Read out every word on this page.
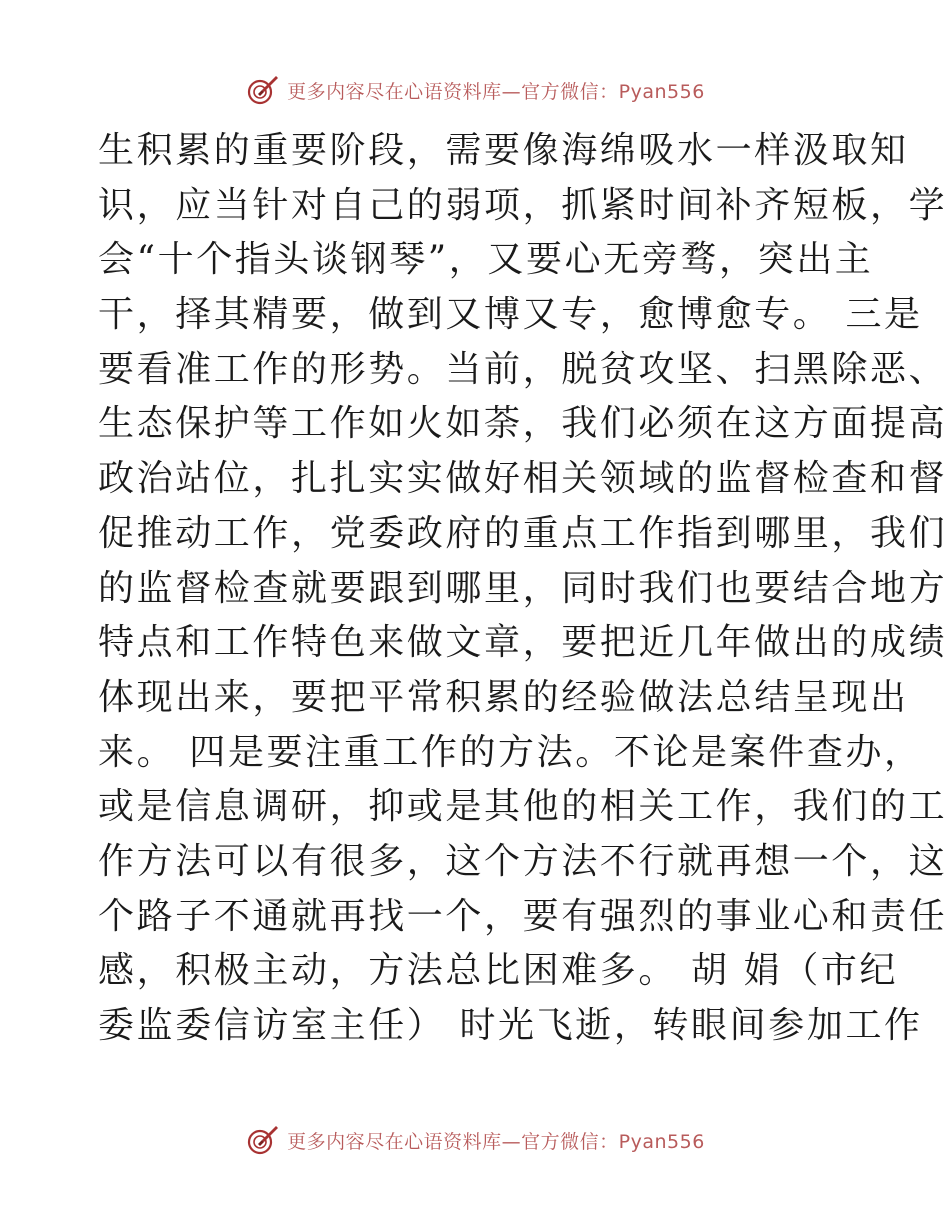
更多内容尽在心语资料库—官方微信：Pyan556
生积累的重要阶段，需要像海绵吸水一样汲取知
识，应当针对自己的弱项，抓紧时间补齐短板，学
会“十个指头谈钢琴”，又要心无旁骛，突出主
干，择其精要，做到又博又专，愈博愈专。 三是
要看准工作的形势。当前，脱贫攻坚、扫黑除恶、
生态保护等工作如火如荼，我们必须在这方面提高
政治站位，扎扎实实做好相关领域的监督检查和督
促推动工作，党委政府的重点工作指到哪里，我们
的监督检查就要跟到哪里，同时我们也要结合地方
特点和工作特色来做文章，要把近几年做出的成绩
体现出来，要把平常积累的经验做法总结呈现出
来。 四是要注重工作的方法。不论是案件查办，
或是信息调研，抑或是其他的相关工作，我们的工
作方法可以有很多，这个方法不行就再想一个，这
个路子不通就再找一个，要有强烈的事业心和责任
感，积极主动，方法总比困难多。 胡 娟（市纪
委监委信访室主任） 时光飞逝，转眼间参加工作
更多内容尽在心语资料库—官方微信：Pyan556
